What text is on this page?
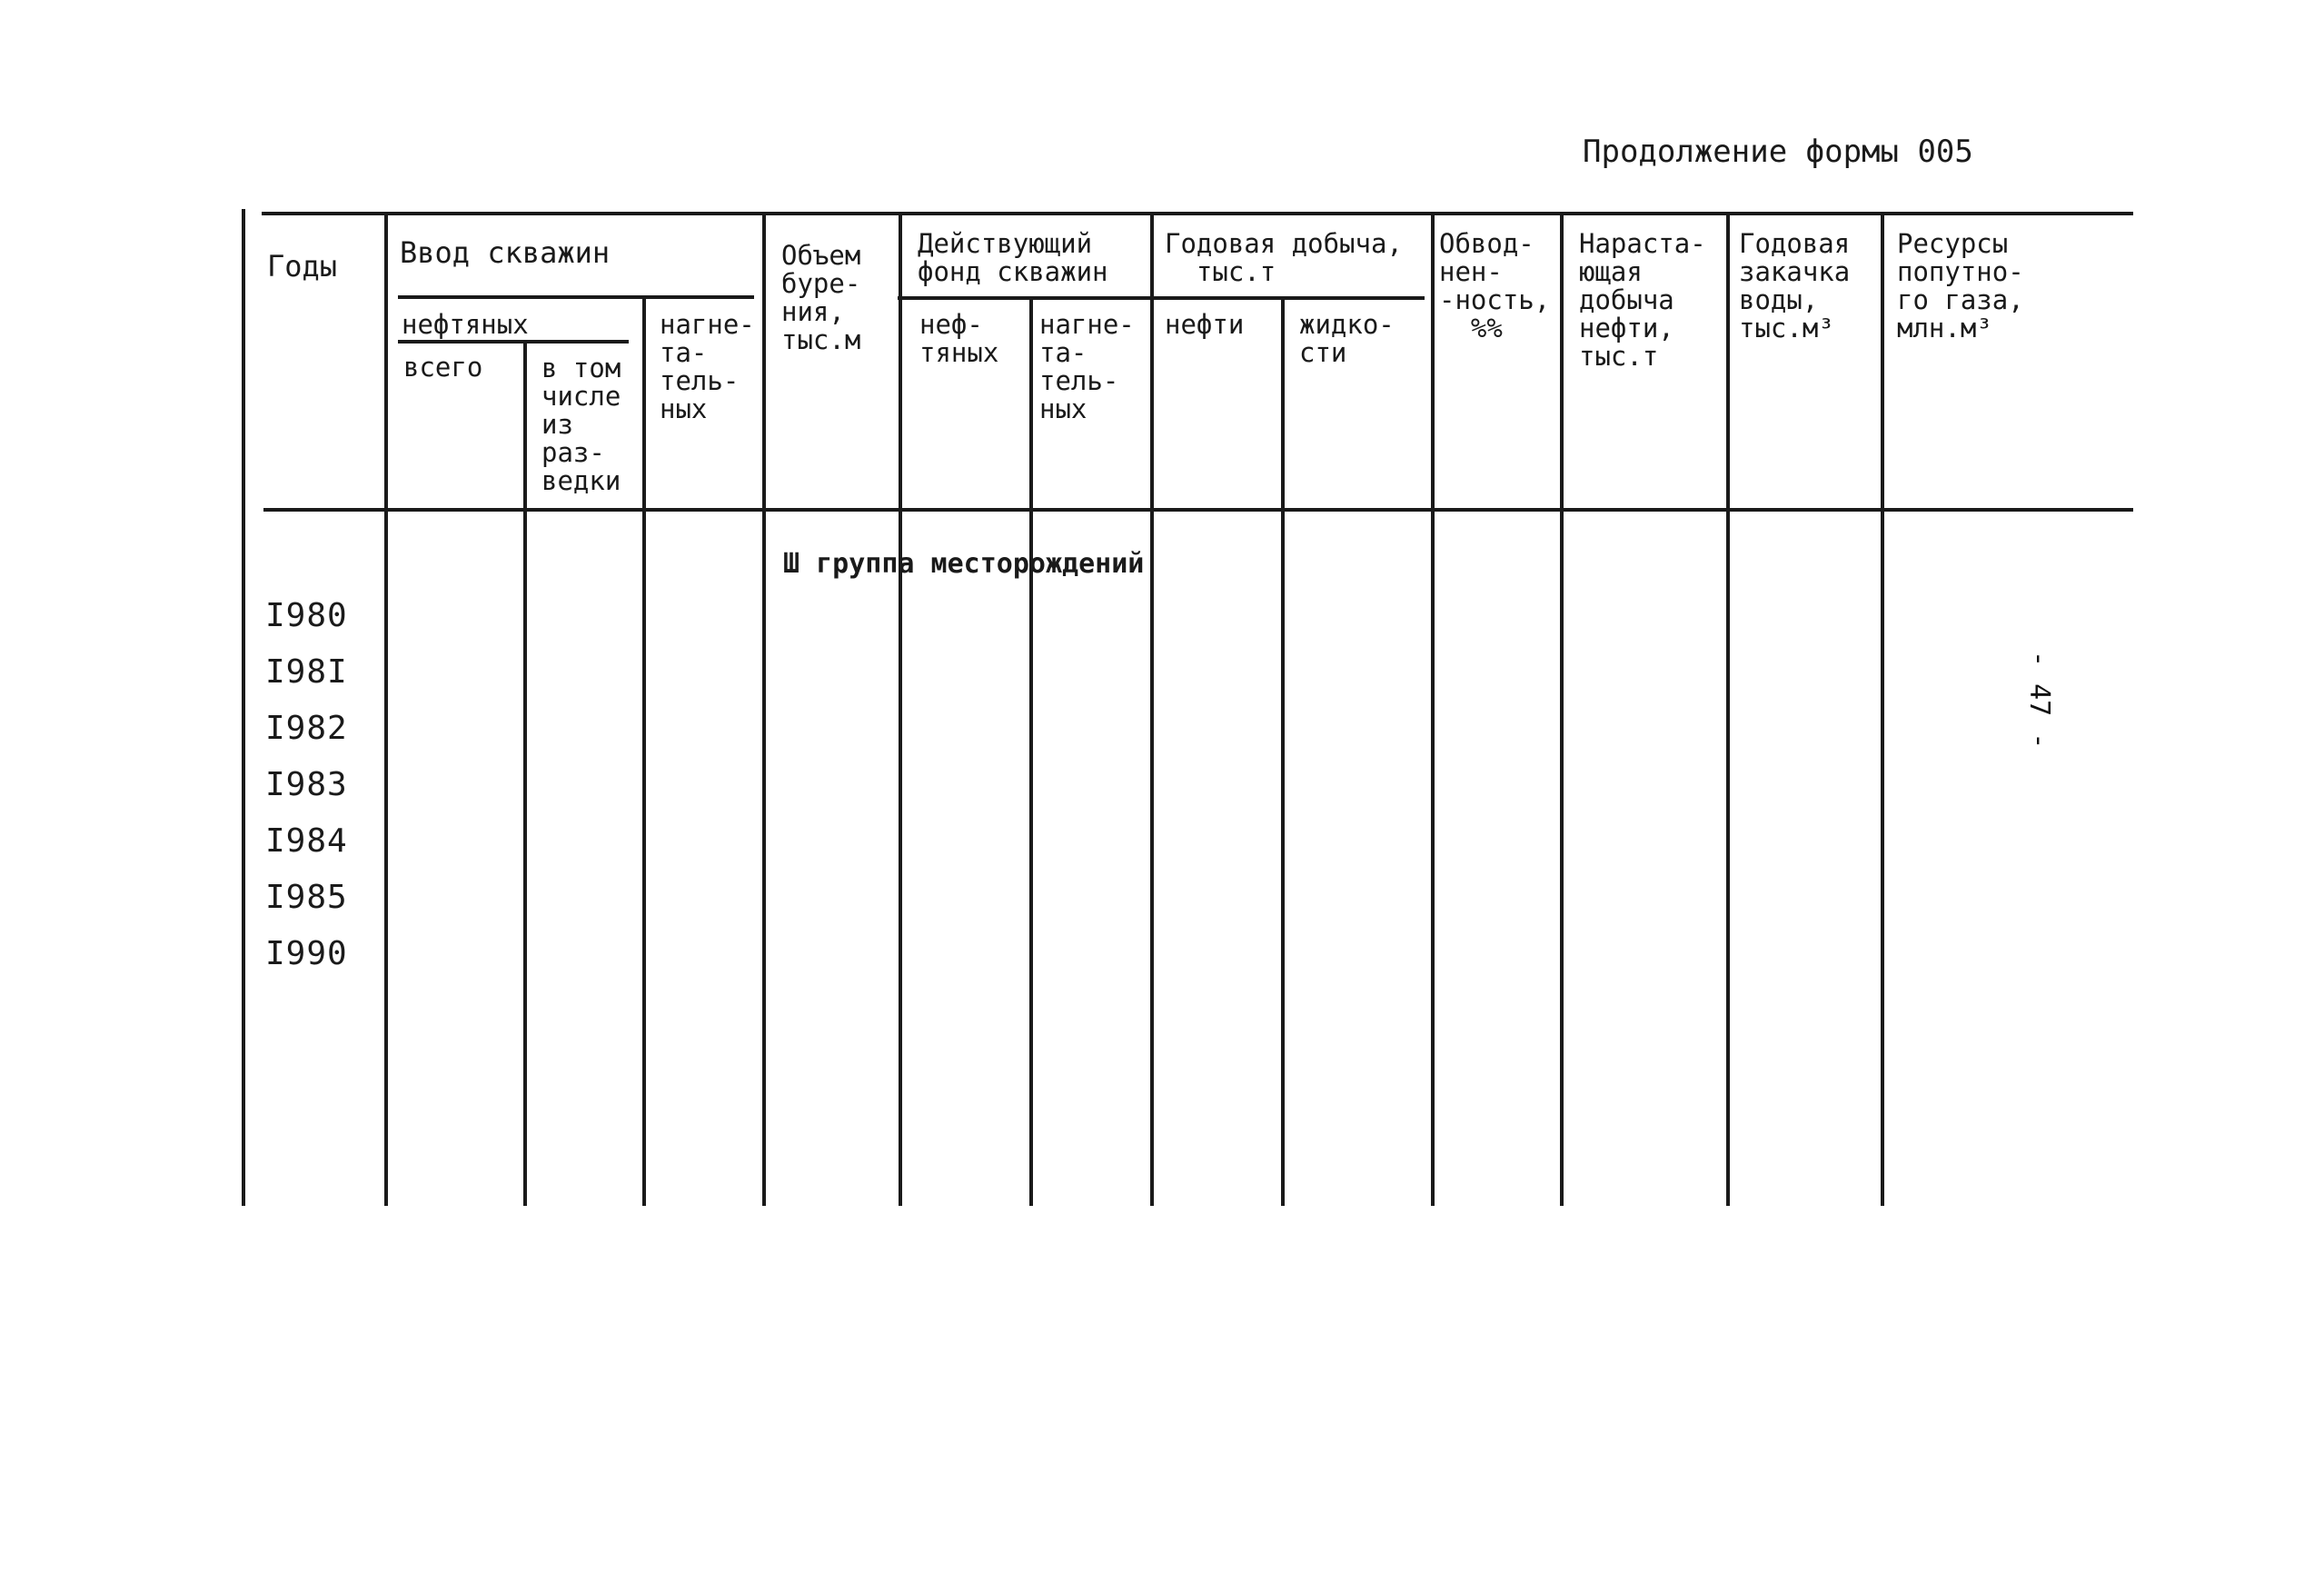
Продолжение формы 005
Годы Ввод скважин
нефтяных
всего в том
числе
из
раз-
ведки
нагне-
та-
тель-
ных
Объем
буре-
ния,
тыс.м
Действующий
фонд скважин
неф-
тяных
нагне-
та-
тель-
ных
Годовая добыча,
тыс.т
нефти жидко-
сти
Обвод-
нен-
-ность,
%%
Нараста-
ющая
добыча
нефти,
тыс.т
Годовая
закачка
воды,
тыс.м³
Ресурсы
попутно-
го газа,
млн.м³
Ш группа месторождений
I980
I98I
I982
I983
I984
I985
I990
- 47 -
